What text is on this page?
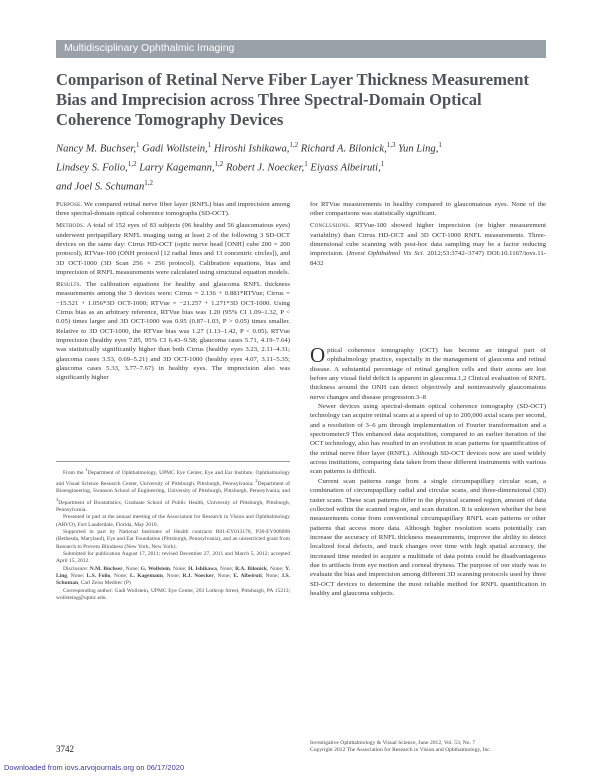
Multidisciplinary Ophthalmic Imaging
Comparison of Retinal Nerve Fiber Layer Thickness Measurement Bias and Imprecision across Three Spectral-Domain Optical Coherence Tomography Devices
Nancy M. Buchser,$^1$ Gadi Wollstein,$^1$ Hiroshi Ishikawa,$^{1,2}$ Richard A. Bilonick,$^{1,3}$ Yun Ling,$^1$
Lindsey S. Folio,$^{1,2}$ Larry Kagemann,$^{1,2}$ Robert J. Noecker,$^1$ Eiyass Albeiruti,$^1$
and Joel S. Schuman$^{1,2}$

Purpose. We compared retinal nerve fiber layer (RNFL) bias and imprecision among three spectral-domain optical coherence tomographs (SD-OCT).

Methods. A total of 152 eyes of 83 subjects (96 healthy and 56 glaucomatous eyes) underwent peripapillary RNFL imaging using at least 2 of the following 3 SD-OCT devices on the same day: Cirrus HD-OCT (optic nerve head [ONH] cube 200 × 200 protocol), RTVue-100 (ONH protocol [12 radial lines and 13 concentric circles]), and 3D OCT-1000 (3D Scan 256 × 256 protocol). Calibration equations, bias and imprecision of RNFL measurements were calculated using structural equation models.

Results. The calibration equations for healthy and glaucoma RNFL thickness measurements among the 3 devices were: Cirrus = 2.136 + 0.881*RTVue; Cirrus = −15.521 + 1.056*3D OCT-1000; RTVue = −21.257 + 1.271*3D OCT-1000. Using Cirrus bias as an arbitrary reference, RTVue bias was 1.20 (95% CI 1.09–1.32, P < 0.05) times larger and 3D OCT-1000 was 0.95 (0.87–1.03, P > 0.05) times smaller. Relative to 3D OCT-1000, the RTVue bias was 1.27 (1.13–1.42, P < 0.05). RTVue imprecision (healthy eyes 7.85, 95% CI 6.43–9.58; glaucoma cases 5.71, 4.19–7.64) was statistically significantly higher than both Cirrus (healthy eyes 3.23, 2.11–4.31; glaucoma cases 3.53, 0.69–5.21) and 3D OCT-1000 (healthy eyes 4.07, 3.11–5.35; glaucoma cases 5.33, 3.77–7.67) in healthy eyes. The imprecision also was significantly higher

for RTVue measurements in healthy compared to glaucomatous eyes. None of the other comparisons was statistically significant.

Conclusions. RTVue-100 showed higher imprecision (or higher measurement variability) than Cirrus HD-OCT and 3D OCT-1000 RNFL measurements. Three-dimensional cube scanning with post-hoc data sampling may be a factor reducing imprecision. (Invest Ophthalmol Vis Sci. 2012;53:3742–3747) DOI:10.1167/iovs.11-8432

Optical coherence tomography (OCT) has become an integral part of ophthalmology practice, especially in the management of glaucoma and retinal disease. A substantial percentage of retinal ganglion cells and their axons are lost before any visual field deficit is apparent in glaucoma.1,2 Clinical evaluation of RNFL thickness around the ONH can detect objectively and noninvasively glaucomatous nerve changes and disease progression.3–8

Newer devices using spectral-domain optical coherence tomography (SD-OCT) technology can acquire retinal scans at a speed of up to 200,000 axial scans per second, and a resolution of 3–6 μm through implementation of Fourier transformation and a spectrometer.9 This enhanced data acquisition, compared to an earlier iteration of the OCT technology, also has resulted in an evolution in scan patterns for quantification of the retinal nerve fiber layer (RNFL). Although SD-OCT devices now are used widely across institutions, comparing data taken from these different instruments with various scan patterns is difficult.

Current scan patterns range from a single circumpapillary circular scan, a combination of circumpapillary radial and circular scans, and three-dimensional (3D) raster scans. These scan patterns differ in the physical scanned region, amount of data collected within the scanned region, and scan duration. It is unknown whether the best measurements come from conventional circumpapillary RNFL scan patterns or other patterns that access more data. Although higher resolution scans potentially can increase the accuracy of RNFL thickness measurements, improve the ability to detect localized focal defects, and track changes over time with high spatial accuracy, the increased time needed to acquire a multitude of data points could be disadvantageous due to artifacts from eye motion and corneal dryness. The purpose of our study was to evaluate the bias and imprecision among different 3D scanning protocols used by three SD-OCT devices to determine the most reliable method for RNFL quantification in healthy and glaucoma subjects.

From the $^1$Department of Ophthalmology, UPMC Eye Center, Eye and Ear Institute, Ophthalmology and Visual Science Research Center, University of Pittsburgh, Pittsburgh, Pennsylvania; $^2$Department of Bioengineering, Swanson School of Engineering, University of Pittsburgh, Pittsburgh, Pennsylvania; and $^3$Department of Biostatistics, Graduate School of Public Health, University of Pittsburgh, Pittsburgh, Pennsylvania.

Presented in part at the annual meeting of the Association for Research in Vision and Ophthalmology (ARVO), Fort Lauderdale, Florida, May 2010.

Supported in part by National Institutes of Health contracts R01-EY013178, P30-EY008098 (Bethesda, Maryland), Eye and Ear Foundation (Pittsburgh, Pennsylvania), and an unrestricted grant from Research to Prevent Blindness (New York, New York).

Submitted for publication August 17, 2011; revised December 27, 2011 and March 5, 2012; accepted April 15, 2012.

Disclosure: N.M. Buchser, None; G. Wollstein, None; H. Ishikawa, None; R.A. Bilonick, None; Y. Ling, None; L.S. Folio, None; L. Kagemann, None; R.J. Noecker, None; E. Albeiruti, None; J.S. Schuman, Carl Zeiss Meditec (P)

Corresponding author: Gadi Wollstein, UPMC Eye Center, 203 Lothrop Street, Pittsburgh, PA 15213; wollsteing@upmc.edu.

3742
Investigative Ophthalmology & Visual Science, June 2012, Vol. 53, No. 7
Copyright 2012 The Association for Research in Vision and Ophthalmology, Inc.
Downloaded from iovs.arvojournals.org on 06/17/2020
